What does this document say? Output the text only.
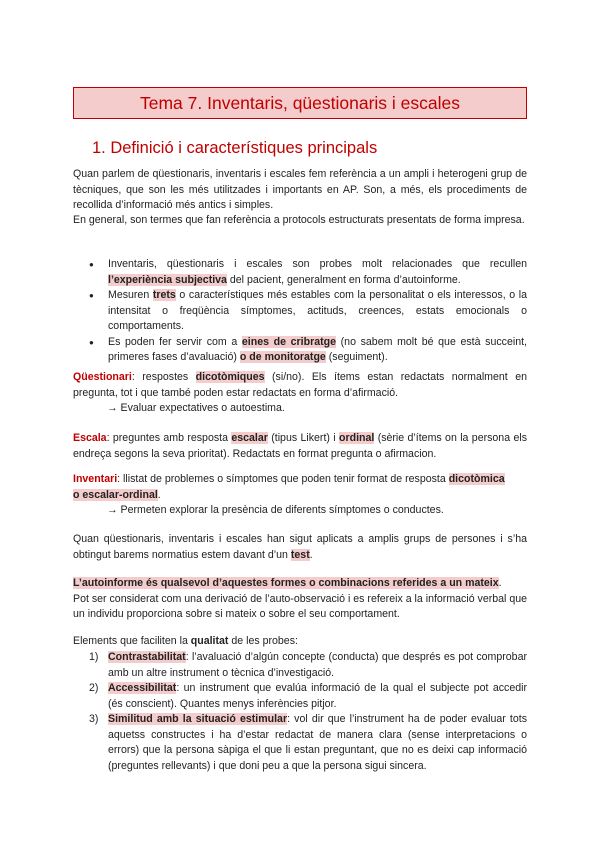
Tema 7. Inventaris, qüestionaris i escales
1. Definició i característiques principals

Quan parlem de qüestionaris, inventaris i escales fem referència a un ampli i heterogeni grup de tècniques, que son les més utilitzades i importants en AP. Son, a més, els procediments de recollida d’informació més antics i simples.

En general, son termes que fan referència a protocols estructurats presentats de forma impresa.

● Inventaris, qüestionaris i escales son probes molt relacionades que recullen l’experiència subjectiva del pacient, generalment en forma d’autoinforme.
● Mesuren trets o característiques més estables com la personalitat o els interessos, o la intensitat o freqüència símptomes, actituds, creences, estats emocionals o comportaments.
● Es poden fer servir com a eines de cribratge (no sabem molt bé que està succeint, primeres fases d’avaluació) o de monitoratge (seguiment).

Qüestionari: respostes dicotòmiques (si/no). Els ítems estan redactats normalment en pregunta, tot i que també poden estar redactats en forma d’afirmació.

→ Evaluar expectatives o autoestima.

Escala: preguntes amb resposta escalar (tipus Likert) i ordinal (sèrie d’ítems on la persona els endreça segons la seva prioritat). Redactats en format pregunta o afirmacion.

Inventari: llistat de problemes o símptomes que poden tenir format de resposta dicotòmica
o escalar-ordinal.

→ Permeten explorar la presència de diferents símptomes o conductes.

Quan qüestionaris, inventaris i escales han sigut aplicats a amplis grups de persones i s’ha obtingut barems normatius estem davant d’un test.

L’autoinforme és qualsevol d’aquestes formes o combinacions referides a un mateix.
Pot ser considerat com una derivació de l’auto-observació i es refereix a la informació verbal que un individu proporciona sobre si mateix o sobre el seu comportament.

Elements que faciliten la qualitat de les probes:

1) Contrastabilitat: l’avaluació d’algún concepte (conducta) que després es pot comprobar amb un altre instrument o tècnica d’investigació.
2) Accessibilitat: un instrument que evalúa informació de la qual el subjecte pot accedir (és conscient). Quantes menys inferències pitjor.
3) Similitud amb la situació estimular: vol dir que l’instrument ha de poder evaluar tots aquetss constructes i ha d’estar redactat de manera clara (sense interpretacions o errors) que la persona sàpiga el que li estan preguntant, que no es deixi cap informació (preguntes rellevants) i que doni peu a que la persona sigui sincera.
